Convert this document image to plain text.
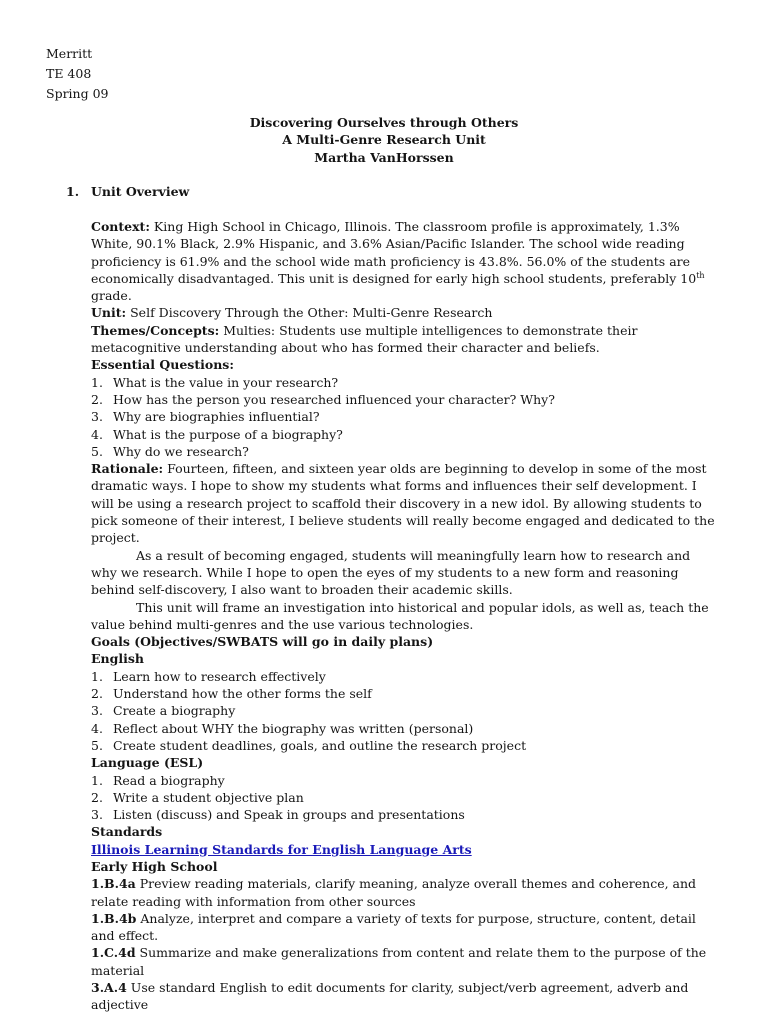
Merritt
TE 408
Spring 09
Discovering Ourselves through Others
A Multi-Genre Research Unit
Martha VanHorssen
1. Unit Overview

Context: King High School in Chicago, Illinois. The classroom profile is approximately, 1.3% White, 90.1% Black, 2.9% Hispanic, and 3.6% Asian/Pacific Islander. The school wide reading proficiency is 61.9% and the school wide math proficiency is 43.8%. 56.0% of the students are economically disadvantaged. This unit is designed for early high school students, preferably 10th grade.

Unit: Self Discovery Through the Other: Multi-Genre Research

Themes/Concepts: Multies: Students use multiple intelligences to demonstrate their metacognitive understanding about who has formed their character and beliefs.

Essential Questions:

1. What is the value in your research?
2. How has the person you researched influenced your character? Why?
3. Why are biographies influential?
4. What is the purpose of a biography?
5. Why do we research?

Rationale: Fourteen, fifteen, and sixteen year olds are beginning to develop in some of the most dramatic ways. I hope to show my students what forms and influences their self development. I will be using a research project to scaffold their discovery in a new idol. By allowing students to pick someone of their interest, I believe students will really become engaged and dedicated to the project.

As a result of becoming engaged, students will meaningfully learn how to research and why we research. While I hope to open the eyes of my students to a new form and reasoning behind self-discovery, I also want to broaden their academic skills.

This unit will frame an investigation into historical and popular idols, as well as, teach the value behind multi-genres and the use various technologies.

Goals (Objectives/SWBATS will go in daily plans)

English

1. Learn how to research effectively
2. Understand how the other forms the self
3. Create a biography
4. Reflect about WHY the biography was written (personal)
5. Create student deadlines, goals, and outline the research project

Language (ESL)

1. Read a biography
2. Write a student objective plan
3. Listen (discuss) and Speak in groups and presentations

Standards

Illinois Learning Standards for English Language Arts

Early High School

1.B.4a Preview reading materials, clarify meaning, analyze overall themes and coherence, and relate reading with information from other sources

1.B.4b Analyze, interpret and compare a variety of texts for purpose, structure, content, detail and effect.

1.C.4d Summarize and make generalizations from content and relate them to the purpose of the material

3.A.4 Use standard English to edit documents for clarity, subject/verb agreement, adverb and adjective
